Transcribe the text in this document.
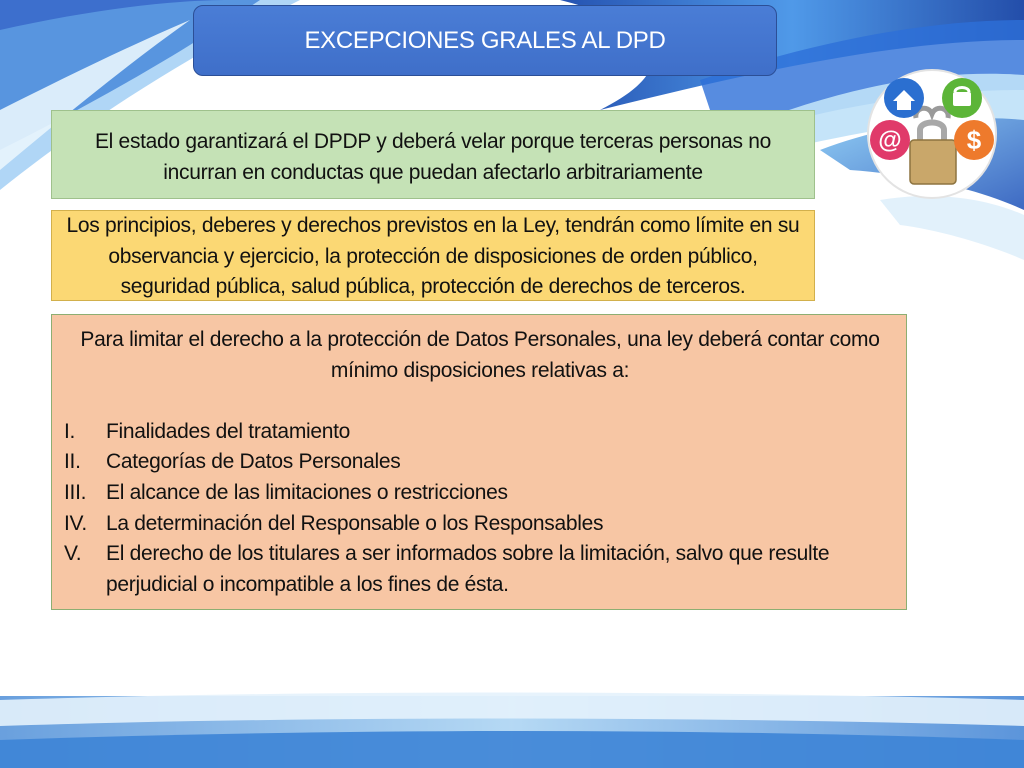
EXCEPCIONES GRALES AL DPD
@	$
El estado garantizará el DPDP y deberá velar porque terceras personas no incurran en conductas que puedan afectarlo arbitrariamente
Los principios, deberes y derechos previstos en la Ley, tendrán como límite en su observancia y ejercicio, la protección de disposiciones de orden público, seguridad pública, salud pública, protección de derechos de terceros.

Para limitar el derecho a la protección de Datos Personales, una ley deberá contar como mínimo disposiciones relativas a:

I.	Finalidades del tratamiento
II.	Categorías de Datos Personales
III. El alcance de las limitaciones o restricciones
IV. La determinación del Responsable o los Responsables
V.	El derecho de los titulares a ser informados sobre la limitación, salvo que resulte perjudicial o incompatible a los fines de ésta.
